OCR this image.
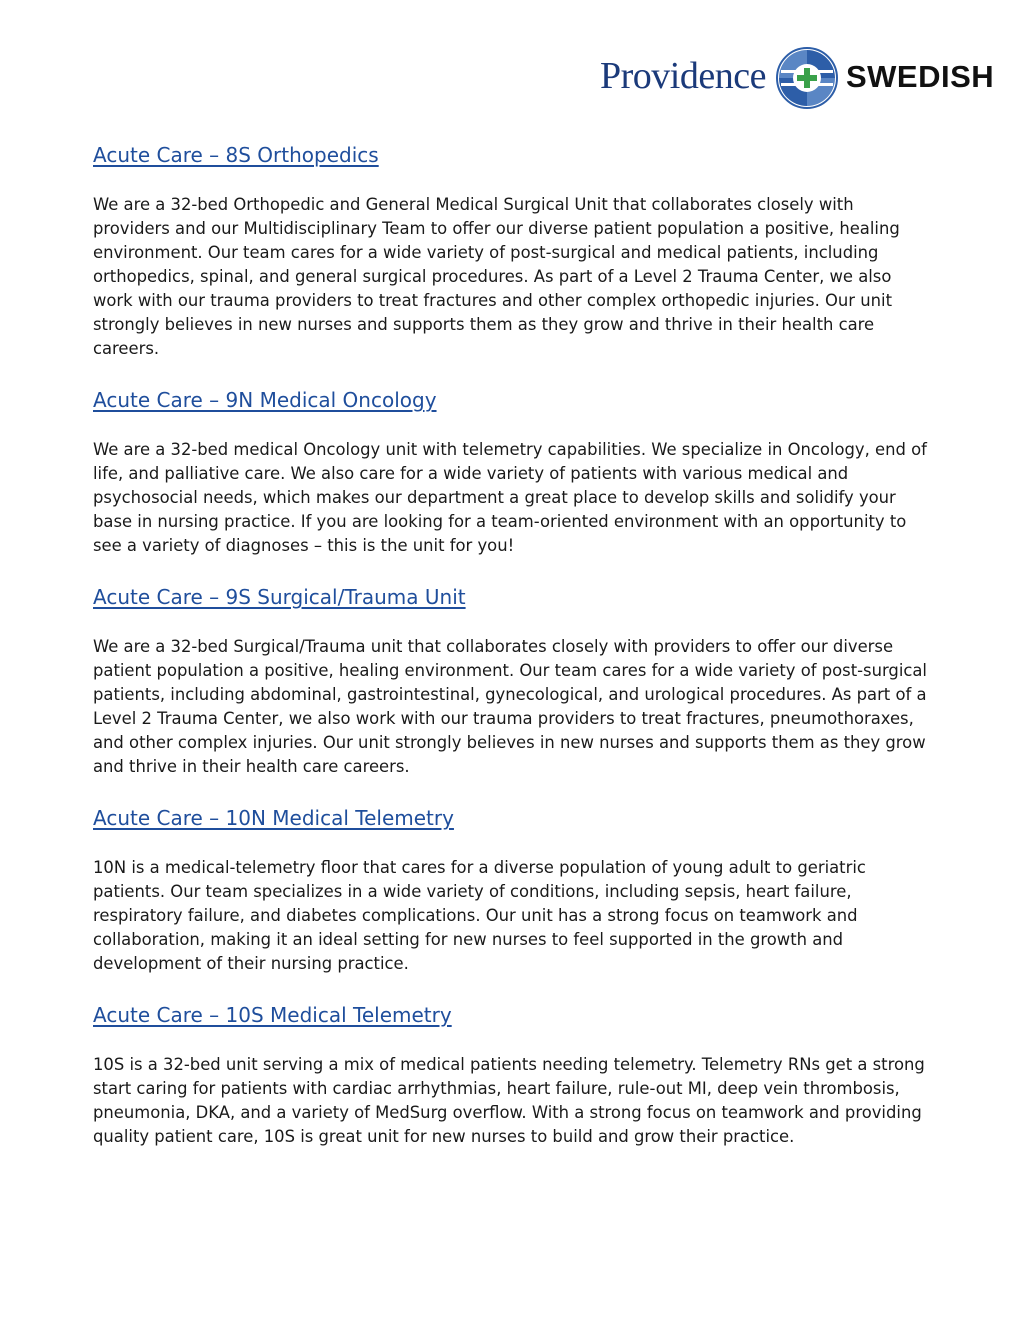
Providence	SWEDISH
Acute Care – 8S Orthopedics

We are a 32-bed Orthopedic and General Medical Surgical Unit that collaborates closely with providers and our Multidisciplinary Team to offer our diverse patient population a positive, healing environment. Our team cares for a wide variety of post-surgical and medical patients, including orthopedics, spinal, and general surgical procedures. As part of a Level 2 Trauma Center, we also work with our trauma providers to treat fractures and other complex orthopedic injuries. Our unit strongly believes in new nurses and supports them as they grow and thrive in their health care careers.

Acute Care – 9N Medical Oncology

We are a 32-bed medical Oncology unit with telemetry capabilities. We specialize in Oncology, end of life, and palliative care. We also care for a wide variety of patients with various medical and psychosocial needs, which makes our department a great place to develop skills and solidify your base in nursing practice. If you are looking for a team-oriented environment with an opportunity to see a variety of diagnoses – this is the unit for you!

Acute Care – 9S Surgical/Trauma Unit

We are a 32-bed Surgical/Trauma unit that collaborates closely with providers to offer our diverse patient population a positive, healing environment. Our team cares for a wide variety of post-surgical patients, including abdominal, gastrointestinal, gynecological, and urological procedures. As part of a Level 2 Trauma Center, we also work with our trauma providers to treat fractures, pneumothoraxes, and other complex injuries. Our unit strongly believes in new nurses and supports them as they grow and thrive in their health care careers.

Acute Care – 10N Medical Telemetry

10N is a medical-telemetry floor that cares for a diverse population of young adult to geriatric patients. Our team specializes in a wide variety of conditions, including sepsis, heart failure, respiratory failure, and diabetes complications. Our unit has a strong focus on teamwork and collaboration, making it an ideal setting for new nurses to feel supported in the growth and development of their nursing practice.

Acute Care – 10S Medical Telemetry

10S is a 32-bed unit serving a mix of medical patients needing telemetry. Telemetry RNs get a strong start caring for patients with cardiac arrhythmias, heart failure, rule-out MI, deep vein thrombosis, pneumonia, DKA, and a variety of MedSurg overflow. With a strong focus on teamwork and providing quality patient care, 10S is great unit for new nurses to build and grow their practice.
